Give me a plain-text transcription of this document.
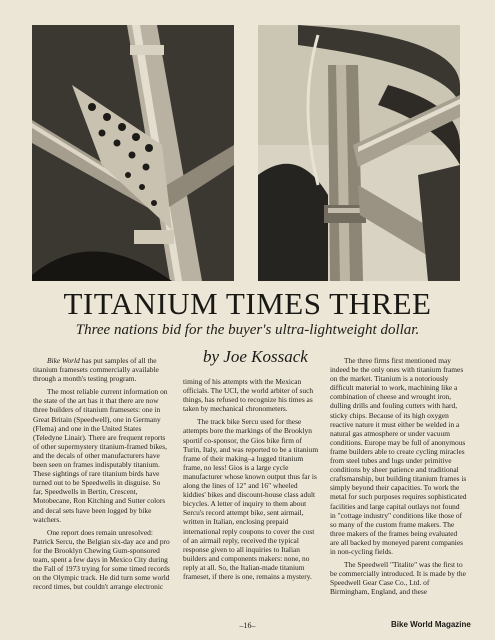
TITANIUM TIMES THREE
Three nations bid for the buyer's ultra-lightweight dollar.
by Joe Kossack

Bike World has put samples of all the titanium framesets commercially available through a month's testing program.

The most reliable current information on the state of the art has it that there are now three builders of titanium framesets: one in Great Britain (Speedwell), one in Germany (Flema) and one in the United States (Teledyne Linair). There are frequent reports of other supermystery titanium-framed bikes, and the decals of other manufacturers have been seen on frames indisputably titanium. These sightings of rare titanium birds have turned out to be Speedwells in disguise. So far, Speedwells in Bertin, Crescent, Motobecane, Ron Kitching and Sutter colors and decal sets have been logged by bike watchers.

One report does remain unresolved: Patrick Sercu, the Belgian six-day ace and pro for the Brooklyn Chewing Gum-sponsored team, spent a few days in Mexico City during the Fall of 1973 trying for some timed records on the Olympic track. He did turn some world record times, but couldn't arrange electronic

timing of his attempts with the Mexican officials. The UCI, the world arbiter of such things, has refused to recognize his times as taken by mechanical chronometers.

The track bike Sercu used for these attempts bore the markings of the Brooklyn sportif co-sponsor, the Gios bike firm of Turin, Italy, and was reported to be a titanium frame of their making–a lugged titanium frame, no less! Gios is a large cycle manufacturer whose known output thus far is along the lines of 12" and 16" wheeled kiddies' bikes and discount-house class adult bicycles. A letter of inquiry to them about Sercu's record attempt bike, sent airmail, written in Italian, enclosing prepaid international reply coupons to cover the cost of an airmail reply, received the typical response given to all inquiries to Italian builders and components makers: none, no reply at all. So, the Italian-made titanium frameset, if there is one, remains a mystery.

The three firms first mentioned may indeed be the only ones with titanium frames on the market. Titanium is a notoriously difficult material to work, machining like a combination of cheese and wrought iron, dulling drills and fouling cutters with hard, sticky chips. Because of its high oxygen reactive nature it must either be welded in a natural gas atmosphere or under vacuum conditions. Europe may be full of anonymous frame builders able to create cycling miracles from steel tubes and lugs under primitive conditions by sheer patience and traditional craftsmanship, but building titanium frames is simply beyond their capacities. To work the metal for such purposes requires sophisticated facilities and large capital outlays not found in "cottage industry" conditions like those of so many of the custom frame makers. The three makers of the frames being evaluated are all backed by moneyed parent companies in non-cycling fields.

The Speedwell "Titalite" was the first to be commercially introduced. It is made by the Speedwell Gear Case Co., Ltd. of Birmingham, England, and these

–16–	Bike World Magazine
